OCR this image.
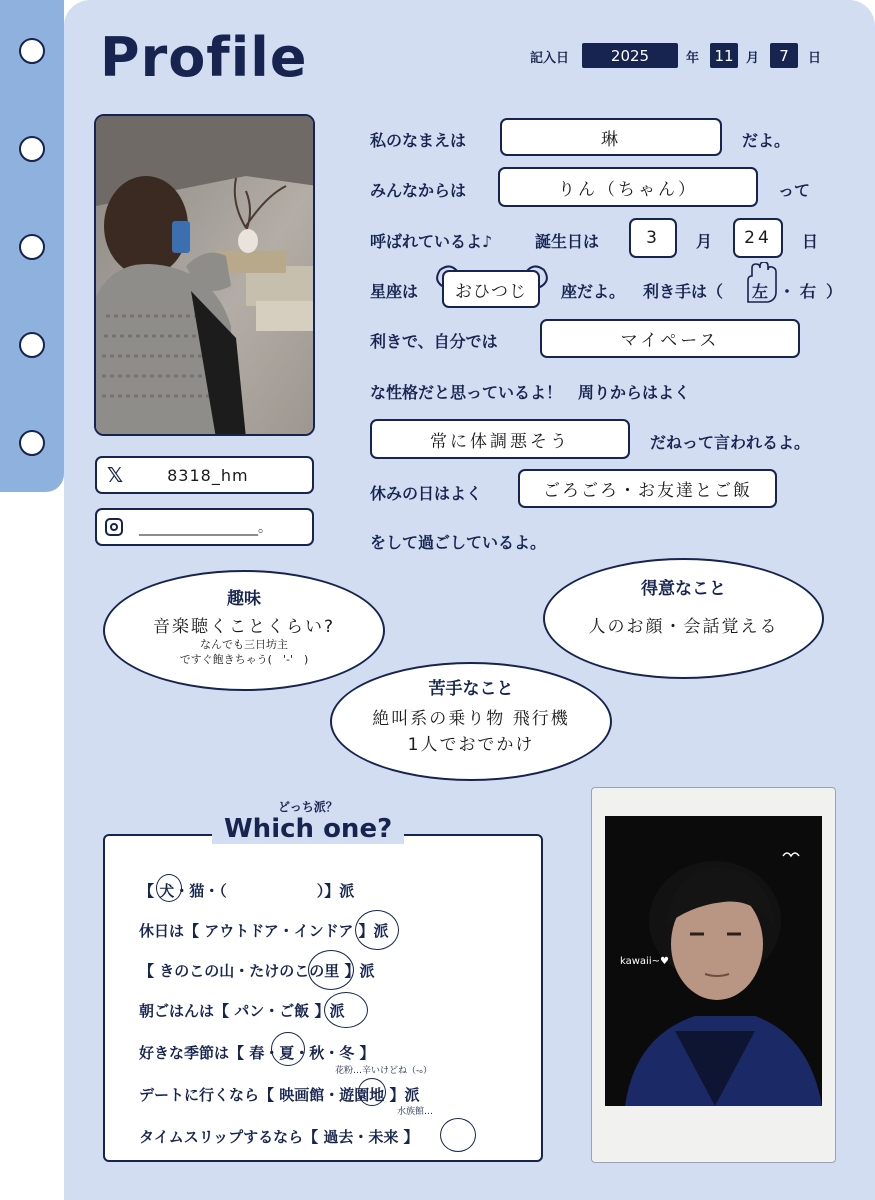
Profile	記入日	2025	年 11 月	7	日
𝕏	8318_hm
_________________。
私のなまえは	琳	だよ。
みんなからは	りん（ちゃん）	って
呼ばれているよ♪	誕生日は	3	月	24	日
星座は	おひつじ	座だよ。 利き手は（ 左 ・ 右 ）
利きで、自分では	マイペース
な性格だと思っているよ！　周りからはよく
常に体調悪そう	だねって言われるよ。
休みの日はよく	ごろごろ・お友達とご飯
をして過ごしているよ。
趣味
音楽聴くことくらい?
なんでも三日坊主
ですぐ飽きちゃう(　'-'　)
得意なこと
人のお顔・会話覚える
苦手なこと
絶叫系の乗り物 飛行機
1人でおでかけ
【 犬・猫・（　　　　　　）】派
休日は【 アウトドア・インドア 】派
【 きのこの山・たけのこの里 】派
朝ごはんは【 パン・ご飯 】派
好きな季節は【 春・夏・秋・冬 】
花粉…辛いけどね（-ₒ）
デートに行くなら【 映画館・遊園地 】派
水族館…
タイムスリップするなら【 過去・未来 】
どっち派？
Which one?
kawaii~♥
